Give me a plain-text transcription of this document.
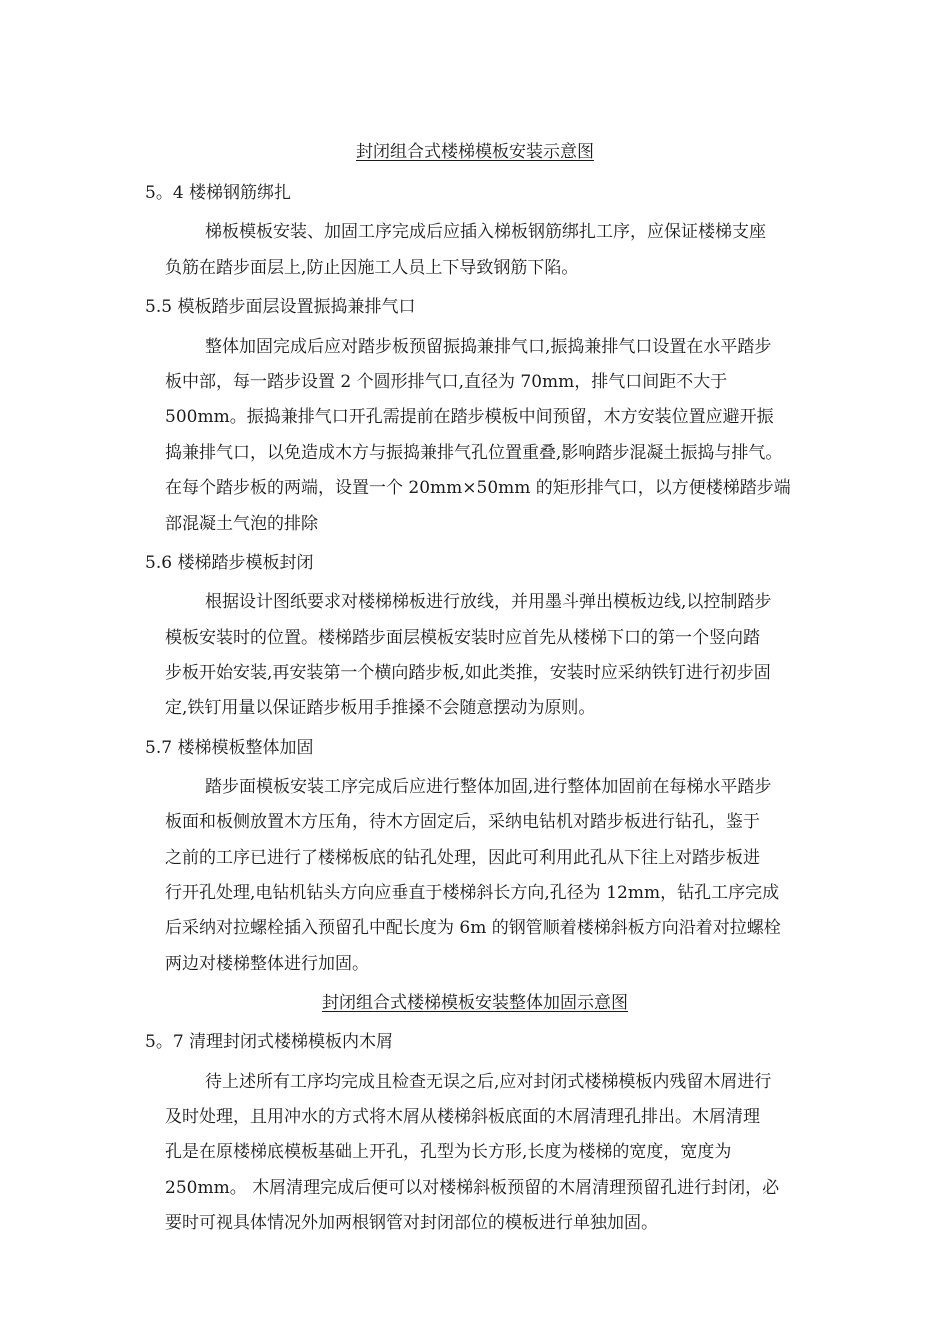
封闭组合式楼梯模板安装示意图
5。4 楼梯钢筋绑扎
梯板模板安装、加固工序完成后应插入梯板钢筋绑扎工序，应保证楼梯支座
负筋在踏步面层上,防止因施工人员上下导致钢筋下陷。
5.5 模板踏步面层设置振捣兼排气口
整体加固完成后应对踏步板预留振捣兼排气口,振捣兼排气口设置在水平踏步
板中部，每一踏步设置 2 个圆形排气口,直径为 70mm，排气口间距不大于
500mm。振捣兼排气口开孔需提前在踏步模板中间预留，木方安装位置应避开振
捣兼排气口，以免造成木方与振捣兼排气孔位置重叠,影响踏步混凝土振捣与排气。
在每个踏步板的两端，设置一个 20mm×50mm 的矩形排气口，以方便楼梯踏步端
部混凝土气泡的排除
5.6 楼梯踏步模板封闭
根据设计图纸要求对楼梯梯板进行放线，并用墨斗弹出模板边线,以控制踏步
模板安装时的位置。楼梯踏步面层模板安装时应首先从楼梯下口的第一个竖向踏
步板开始安装,再安装第一个横向踏步板,如此类推，安装时应采纳铁钉进行初步固
定,铁钉用量以保证踏步板用手推搡不会随意摆动为原则。
5.7 楼梯模板整体加固
踏步面模板安装工序完成后应进行整体加固,进行整体加固前在每梯水平踏步
板面和板侧放置木方压角，待木方固定后，采纳电钻机对踏步板进行钻孔，鉴于
之前的工序已进行了楼梯板底的钻孔处理，因此可利用此孔从下往上对踏步板进
行开孔处理,电钻机钻头方向应垂直于楼梯斜长方向,孔径为 12mm，钻孔工序完成
后采纳对拉螺栓插入预留孔中配长度为 6m 的钢管顺着楼梯斜板方向沿着对拉螺栓
两边对楼梯整体进行加固。
封闭组合式楼梯模板安装整体加固示意图
5。7 清理封闭式楼梯模板内木屑
待上述所有工序均完成且检查无误之后,应对封闭式楼梯模板内残留木屑进行
及时处理，且用冲水的方式将木屑从楼梯斜板底面的木屑清理孔排出。木屑清理
孔是在原楼梯底模板基础上开孔，孔型为长方形,长度为楼梯的宽度，宽度为
250mm。 木屑清理完成后便可以对楼梯斜板预留的木屑清理预留孔进行封闭，必
要时可视具体情况外加两根钢管对封闭部位的模板进行单独加固。
